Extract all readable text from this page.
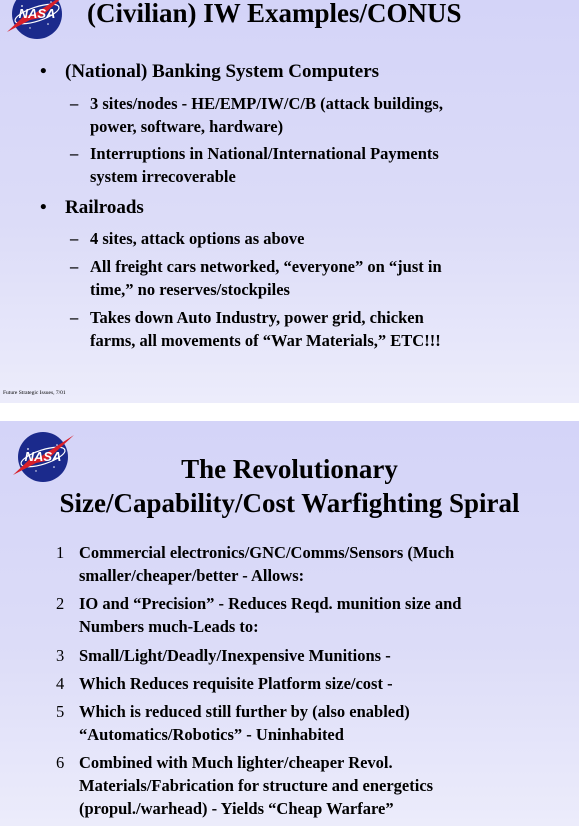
NASA (Civilian) IW Examples/CONUS
• (National) Banking System Computers
– 3 sites/nodes - HE/EMP/IW/C/B (attack buildings,
power, software, hardware)
– Interruptions in National/International Payments
system irrecoverable
• Railroads
– 4 sites, attack options as above
– All freight cars networked, “everyone” on “just in
time,” no reserves/stockpiles
– Takes down Auto Industry, power grid, chicken
farms, all movements of “War Materials,” ETC!!!
Future Strategic Issues, 7/01
NASA	The Revolutionary
Size/Capability/Cost Warfighting Spiral
1 Commercial electronics/GNC/Comms/Sensors (Much
smaller/cheaper/better - Allows:
2 IO and “Precision” - Reduces Reqd. munition size and
Numbers much-Leads to:
3 Small/Light/Deadly/Inexpensive Munitions -
4 Which Reduces requisite Platform size/cost -
5 Which is reduced still further by (also enabled)
“Automatics/Robotics” - Uninhabited
6 Combined with Much lighter/cheaper Revol.
Materials/Fabrication for structure and energetics
(propul./warhead) - Yields “Cheap Warfare”
